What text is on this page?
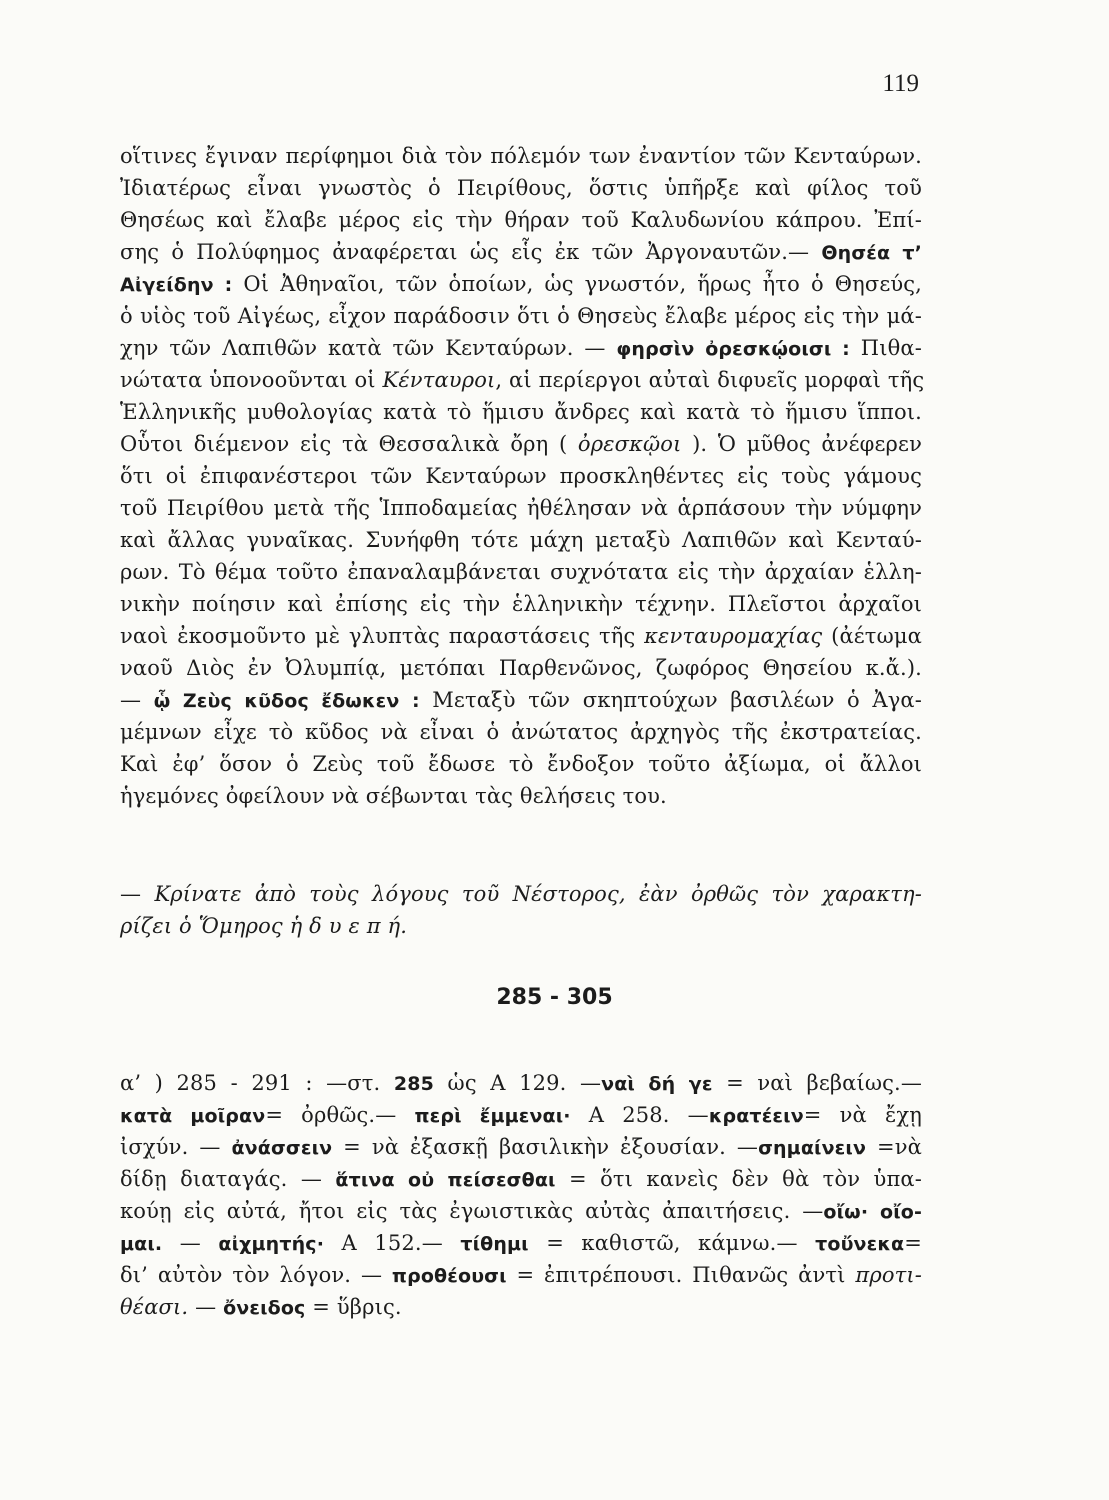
119
οἵτινες ἔγιναν περίφημοι διὰ τὸν πόλεμόν των ἐναντίον τῶν Κενταύρων.
Ἰδιατέρως εἶναι γνωστὸς ὁ Πειρίθους, ὅστις ὑπῆρξε καὶ φίλος τοῦ
Θησέως καὶ ἔλαβε μέρος εἰς τὴν θήραν τοῦ Καλυδωνίου κάπρου. Ἐπί-
σης ὁ Πολύφημος ἀναφέρεται ὡς εἷς ἐκ τῶν Ἀργοναυτῶν.— Θησέα τ’
Αἰγείδην : Οἱ Ἀθηναῖοι, τῶν ὁποίων, ὡς γνωστόν, ἥρως ἦτο ὁ Θησεύς,
ὁ υἱὸς τοῦ Αἰγέως, εἶχον παράδοσιν ὅτι ὁ Θησεὺς ἔλαβε μέρος εἰς τὴν μά-
χην τῶν Λαπιθῶν κατὰ τῶν Κενταύρων. — φηρσὶν ὀρεσκῴοισι : Πιθα-
νώτατα ὑπονοοῦνται οἱ Κένταυροι, αἱ περίεργοι αὐταὶ διφυεῖς μορφαὶ τῆς
Ἑλληνικῆς μυθολογίας κατὰ τὸ ἥμισυ ἄνδρες καὶ κατὰ τὸ ἥμισυ ἵπποι.
Οὗτοι διέμενον εἰς τὰ Θεσσαλικὰ ὄρη ( ὀρεσκῷοι ). Ὁ μῦθος ἀνέφερεν
ὅτι οἱ ἐπιφανέστεροι τῶν Κενταύρων προσκληθέντες εἰς τοὺς γάμους
τοῦ Πειρίθου μετὰ τῆς Ἱπποδαμείας ἠθέλησαν νὰ ἁρπάσουν τὴν νύμφην
καὶ ἄλλας γυναῖκας. Συνήφθη τότε μάχη μεταξὺ Λαπιθῶν καὶ Κενταύ-
ρων. Τὸ θέμα τοῦτο ἐπαναλαμβάνεται συχνότατα εἰς τὴν ἀρχαίαν ἑλλη-
νικὴν ποίησιν καὶ ἐπίσης εἰς τὴν ἑλληνικὴν τέχνην. Πλεῖστοι ἀρχαῖοι
ναοὶ ἐκοσμοῦντο μὲ γλυπτὰς παραστάσεις τῆς κενταυρομαχίας (ἀέτωμα
ναοῦ Διὸς ἐν Ὀλυμπίᾳ, μετόπαι Παρθενῶνος, ζωφόρος Θησείου κ.ἄ.).
— ᾧ Ζεὺς κῦδος ἔδωκεν : Μεταξὺ τῶν σκηπτούχων βασιλέων ὁ Ἀγα-
μέμνων εἶχε τὸ κῦδος νὰ εἶναι ὁ ἀνώτατος ἀρχηγὸς τῆς ἐκστρατείας.
Καὶ ἐφ’ ὅσον ὁ Ζεὺς τοῦ ἔδωσε τὸ ἔνδοξον τοῦτο ἀξίωμα, οἱ ἄλλοι
ἡγεμόνες ὀφείλουν νὰ σέβωνται τὰς θελήσεις του.
— Κρίνατε ἀπὸ τοὺς λόγους τοῦ Νέστορος, ἐὰν ὀρθῶς τὸν χαρακτη-
ρίζει ὁ Ὅμηρος ἡ δ υ ε π ή.
285 - 305
α’ ) 285 - 291 : —στ. 285 ὡς Α 129. —ναὶ δή γε = ναὶ βεβαίως.—
κατὰ μοῖραν= ὀρθῶς.— περὶ ἔμμεναι· Α 258. —κρατέειν= νὰ ἔχῃ
ἰσχύν. — ἀνάσσειν = νὰ ἐξασκῇ βασιλικὴν ἐξουσίαν. —σημαίνειν =νὰ
δίδῃ διαταγάς. — ἅτινα οὐ πείσεσθαι = ὅτι κανεὶς δὲν θὰ τὸν ὑπα-
κούῃ εἰς αὐτά, ἤτοι εἰς τὰς ἐγωιστικὰς αὐτὰς ἀπαιτήσεις. —οἴω· οἴο-
μαι. — αἰχμητής· Α 152.— τίθημι = καθιστῶ, κάμνω.— τοὔνεκα=
δι’ αὐτὸν τὸν λόγον. — προθέουσι = ἐπιτρέπουσι. Πιθανῶς ἀντὶ προτι-
θέασι. — ὄνειδος = ὕβρις.
